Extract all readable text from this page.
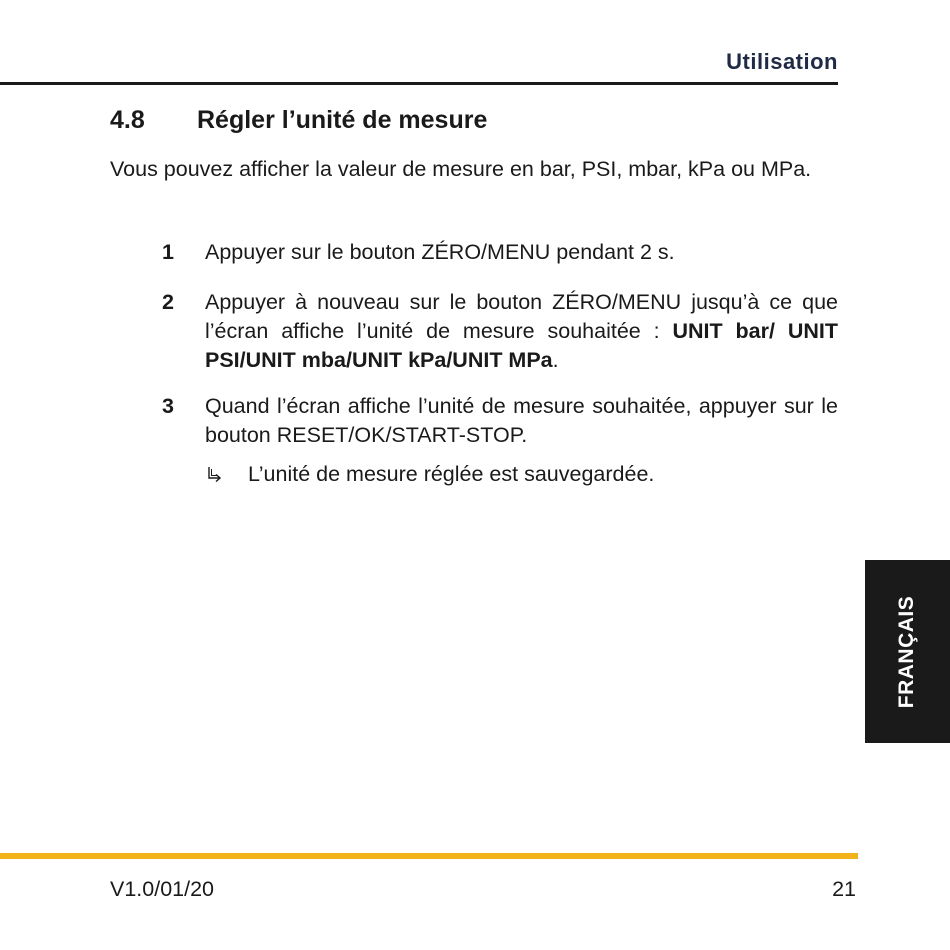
Utilisation
4.8 Régler l’unité de mesure

Vous pouvez afficher la valeur de mesure en bar, PSI, mbar, kPa ou MPa.

1 Appuyer sur le bouton ZÉRO/MENU pendant 2 s.

2 Appuyer à nouveau sur le bouton ZÉRO/MENU jusqu’à ce que l’écran affiche l’unité de mesure souhaitée : UNIT bar/ UNIT PSI/UNIT mba/UNIT kPa/UNIT MPa.

3 Quand l’écran affiche l’unité de mesure souhaitée, appuyer sur le bouton RESET/OK/START-STOP.

L’unité de mesure réglée est sauvegardée.
FRANÇAIS
V1.0/01/20	21
